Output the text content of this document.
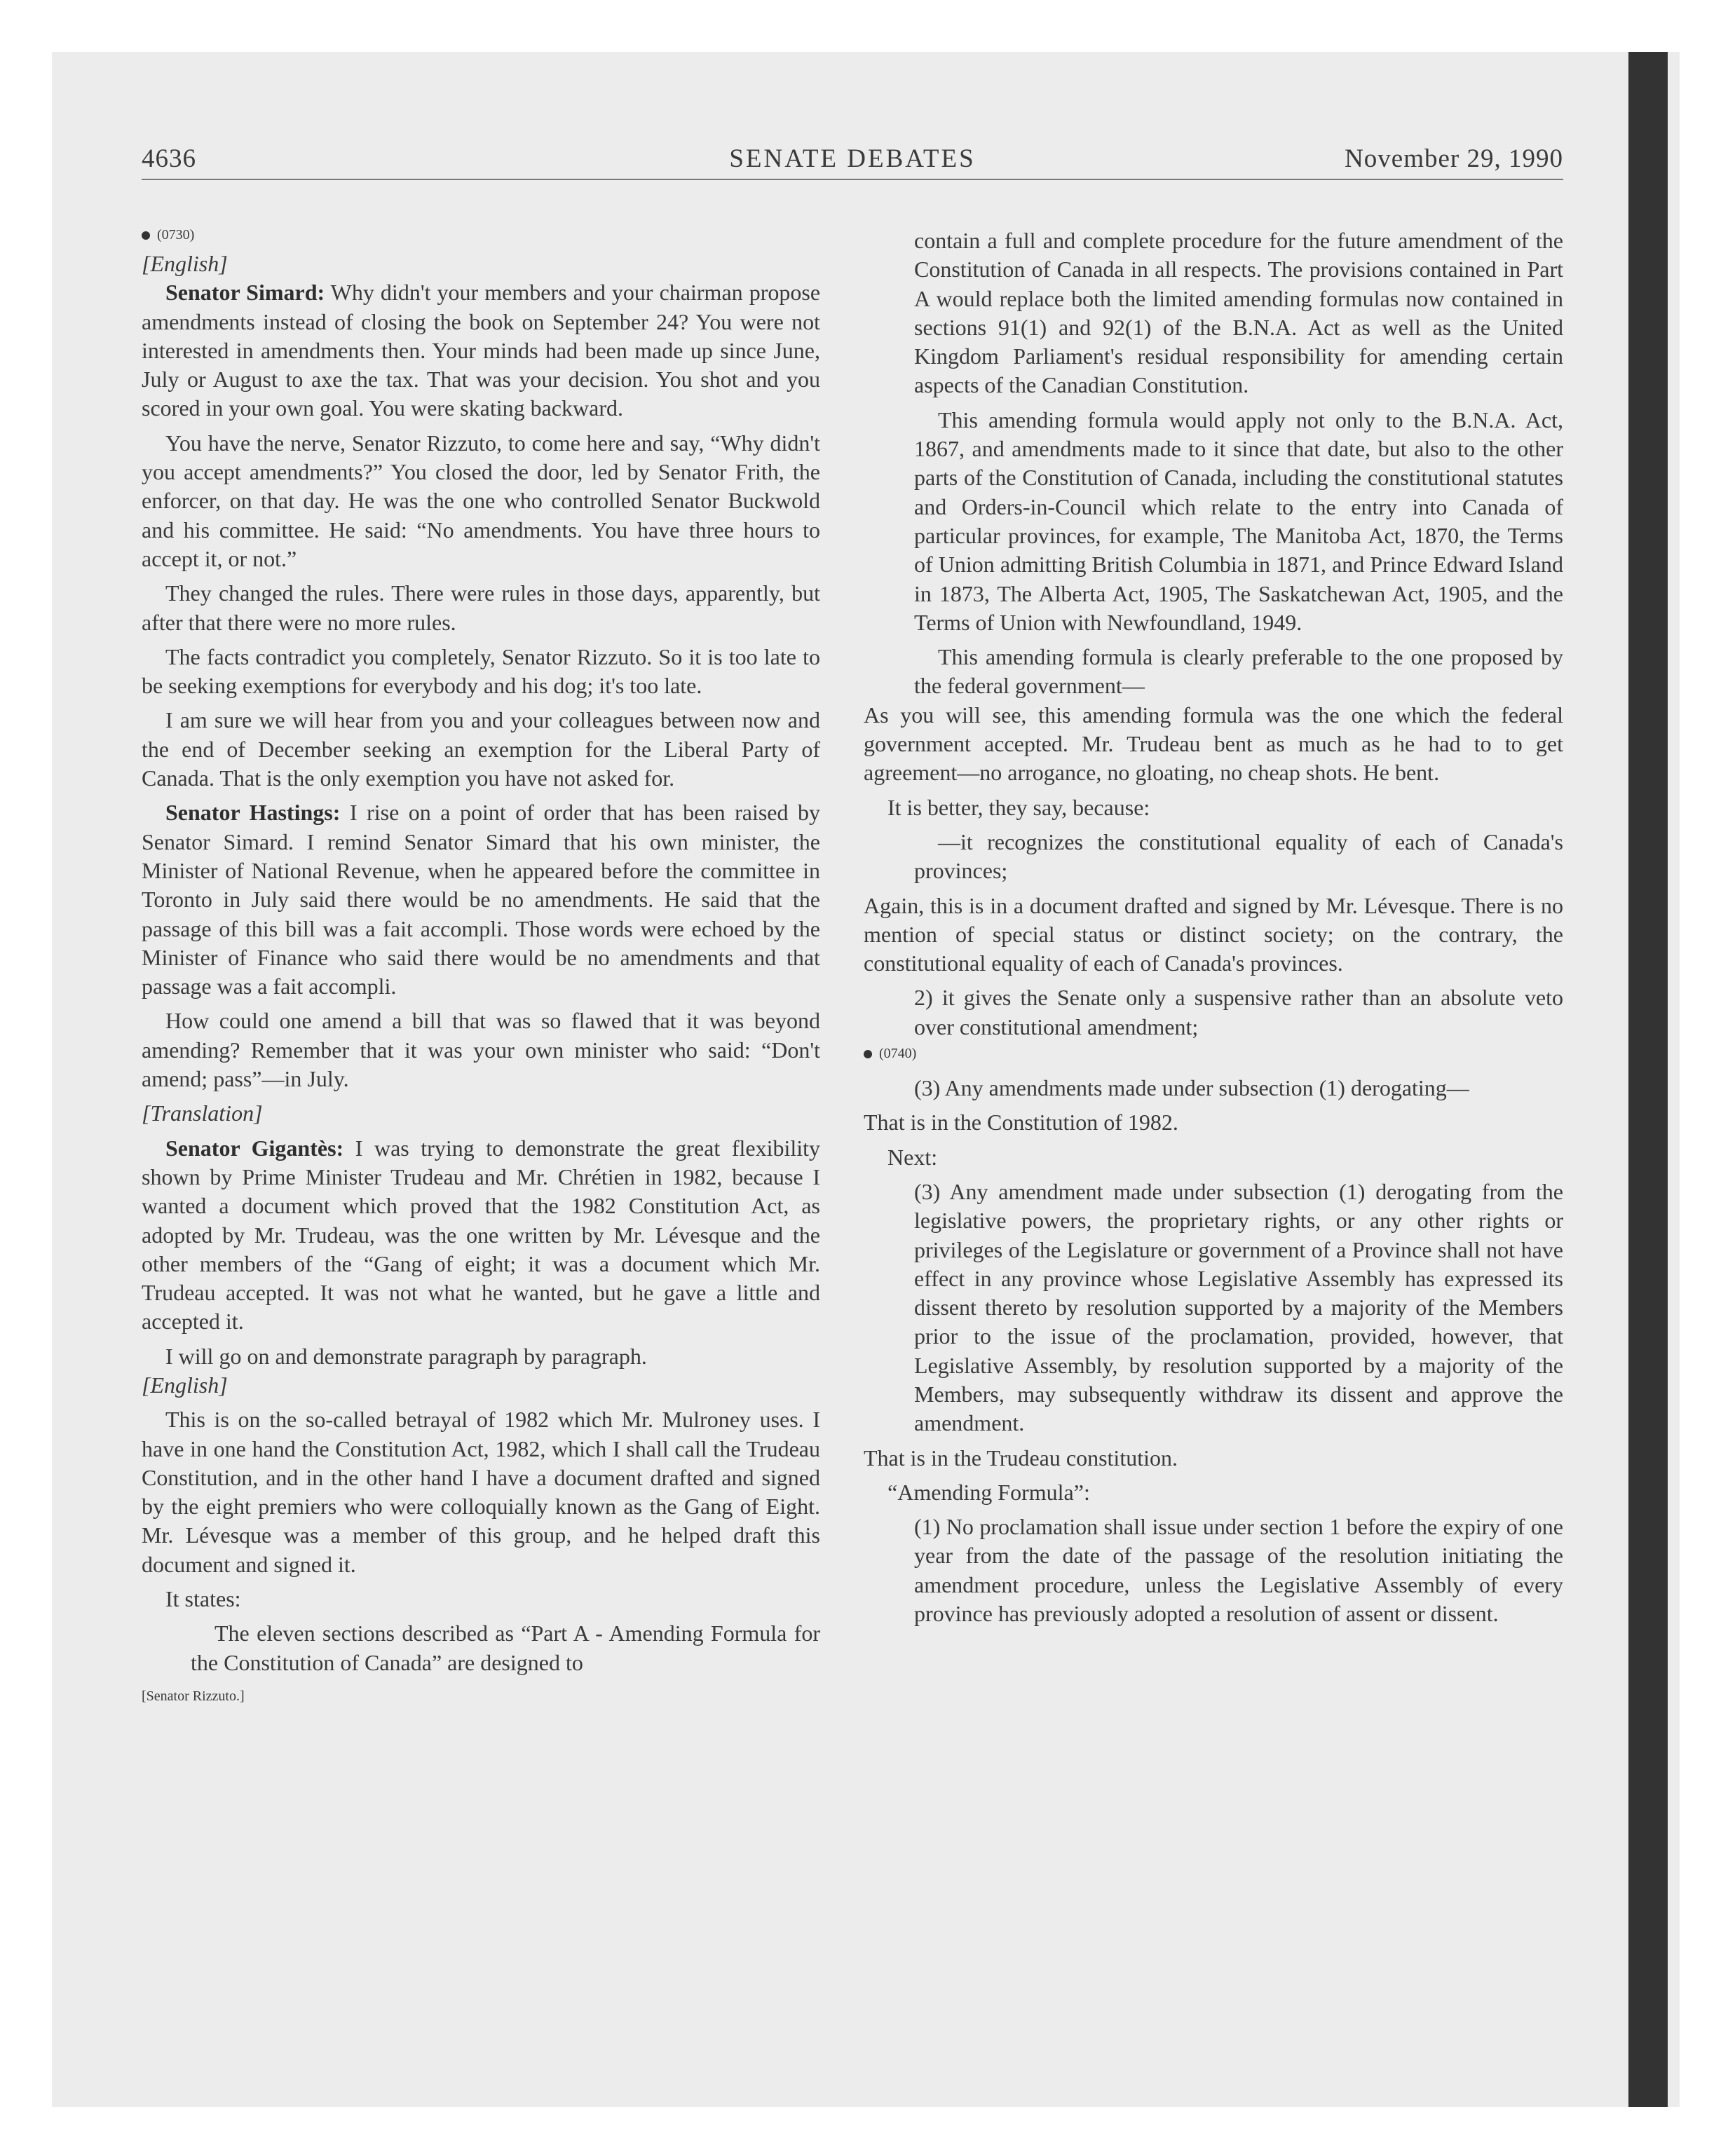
4636	SENATE DEBATES	November 29, 1990
(0730)

[English]

Senator Simard: Why didn't your members and your chairman propose amendments instead of closing the book on September 24? You were not interested in amendments then. Your minds had been made up since June, July or August to axe the tax. That was your decision. You shot and you scored in your own goal. You were skating backward.

You have the nerve, Senator Rizzuto, to come here and say, “Why didn't you accept amendments?” You closed the door, led by Senator Frith, the enforcer, on that day. He was the one who controlled Senator Buckwold and his committee. He said: “No amendments. You have three hours to accept it, or not.”

They changed the rules. There were rules in those days, apparently, but after that there were no more rules.

The facts contradict you completely, Senator Rizzuto. So it is too late to be seeking exemptions for everybody and his dog; it's too late.

I am sure we will hear from you and your colleagues between now and the end of December seeking an exemption for the Liberal Party of Canada. That is the only exemption you have not asked for.

Senator Hastings: I rise on a point of order that has been raised by Senator Simard. I remind Senator Simard that his own minister, the Minister of National Revenue, when he appeared before the committee in Toronto in July said there would be no amendments. He said that the passage of this bill was a fait accompli. Those words were echoed by the Minister of Finance who said there would be no amendments and that passage was a fait accompli.

How could one amend a bill that was so flawed that it was beyond amending? Remember that it was your own minister who said: “Don't amend; pass”—in July.

[Translation]

Senator Gigantès: I was trying to demonstrate the great flexibility shown by Prime Minister Trudeau and Mr. Chrétien in 1982, because I wanted a document which proved that the 1982 Constitution Act, as adopted by Mr. Trudeau, was the one written by Mr. Lévesque and the other members of the “Gang of eight; it was a document which Mr. Trudeau accepted. It was not what he wanted, but he gave a little and accepted it.

I will go on and demonstrate paragraph by paragraph.

[English]

This is on the so-called betrayal of 1982 which Mr. Mulroney uses. I have in one hand the Constitution Act, 1982, which I shall call the Trudeau Constitution, and in the other hand I have a document drafted and signed by the eight premiers who were colloquially known as the Gang of Eight. Mr. Lévesque was a member of this group, and he helped draft this document and signed it.

It states:

The eleven sections described as “Part A - Amending Formula for the Constitution of Canada” are designed to

[Senator Rizzuto.]

contain a full and complete procedure for the future amendment of the Constitution of Canada in all respects. The provisions contained in Part A would replace both the limited amending formulas now contained in sections 91(1) and 92(1) of the B.N.A. Act as well as the United Kingdom Parliament's residual responsibility for amending certain aspects of the Canadian Constitution.

This amending formula would apply not only to the B.N.A. Act, 1867, and amendments made to it since that date, but also to the other parts of the Constitution of Canada, including the constitutional statutes and Orders-in-Council which relate to the entry into Canada of particular provinces, for example, The Manitoba Act, 1870, the Terms of Union admitting British Columbia in 1871, and Prince Edward Island in 1873, The Alberta Act, 1905, The Saskatchewan Act, 1905, and the Terms of Union with Newfoundland, 1949.

This amending formula is clearly preferable to the one proposed by the federal government—

As you will see, this amending formula was the one which the federal government accepted. Mr. Trudeau bent as much as he had to to get agreement—no arrogance, no gloating, no cheap shots. He bent.

It is better, they say, because:

—it recognizes the constitutional equality of each of Canada's provinces;

Again, this is in a document drafted and signed by Mr. Lévesque. There is no mention of special status or distinct society; on the contrary, the constitutional equality of each of Canada's provinces.

2) it gives the Senate only a suspensive rather than an absolute veto over constitutional amendment;

(0740)

(3) Any amendments made under subsection (1) derogating—

That is in the Constitution of 1982.

Next:

(3) Any amendment made under subsection (1) derogating from the legislative powers, the proprietary rights, or any other rights or privileges of the Legislature or government of a Province shall not have effect in any province whose Legislative Assembly has expressed its dissent thereto by resolution supported by a majority of the Members prior to the issue of the proclamation, provided, however, that Legislative Assembly, by resolution supported by a majority of the Members, may subsequently withdraw its dissent and approve the amendment.

That is in the Trudeau constitution.

“Amending Formula”:

(1) No proclamation shall issue under section 1 before the expiry of one year from the date of the passage of the resolution initiating the amendment procedure, unless the Legislative Assembly of every province has previously adopted a resolution of assent or dissent.
